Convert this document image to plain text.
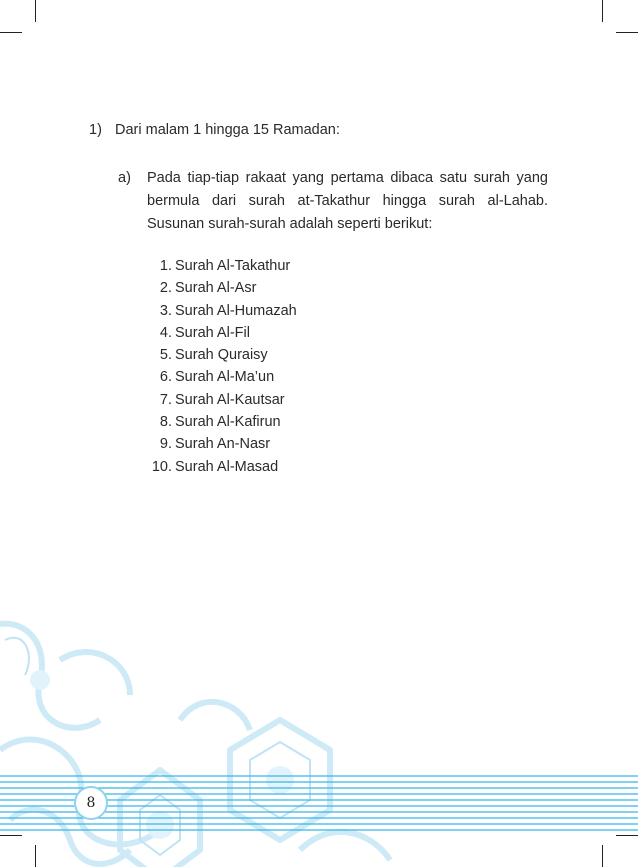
1) Dari malam 1 hingga 15 Ramadan:
a) Pada tiap-tiap rakaat yang pertama dibaca satu surah yang bermula dari surah at-Takathur hingga surah al-Lahab. Susunan surah-surah adalah seperti berikut:
1. Surah Al-Takathur
2. Surah Al-Asr
3. Surah Al-Humazah
4. Surah Al-Fil
5. Surah Quraisy
6. Surah Al-Ma’un
7. Surah Al-Kautsar
8. Surah Al-Kafirun
9. Surah An-Nasr
10. Surah Al-Masad
8
